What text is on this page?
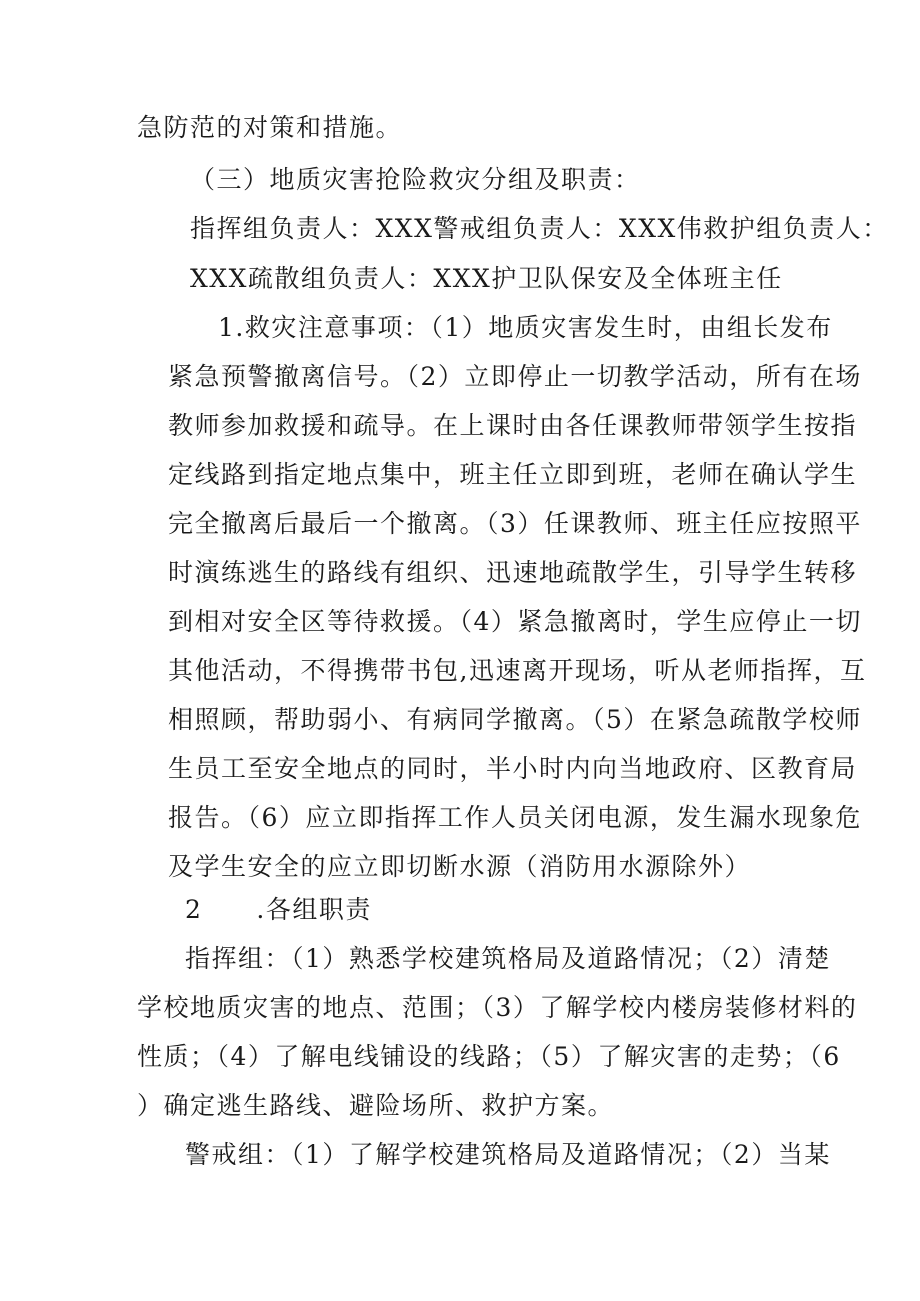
急防范的对策和措施。

（三）地质灾害抢险救灾分组及职责：

指挥组负责人：XXX警戒组负责人：XXX伟救护组负责人：

XXX疏散组负责人：XXX护卫队保安及全体班主任

1.救灾注意事项：（1）地质灾害发生时，由组长发布

紧急预警撤离信号。（2）立即停止一切教学活动，所有在场

教师参加救援和疏导。在上课时由各任课教师带领学生按指

定线路到指定地点集中，班主任立即到班，老师在确认学生

完全撤离后最后一个撤离。（3）任课教师、班主任应按照平

时演练逃生的路线有组织、迅速地疏散学生，引导学生转移

到相对安全区等待救援。（4）紧急撤离时，学生应停止一切

其他活动，不得携带书包,迅速离开现场，听从老师指挥，互

相照顾，帮助弱小、有病同学撤离。（5）在紧急疏散学校师

生员工至安全地点的同时，半小时内向当地政府、区教育局

报告。（6）应立即指挥工作人员关闭电源，发生漏水现象危

及学生安全的应立即切断水源（消防用水源除外）

2 .各组职责

指挥组：（1）熟悉学校建筑格局及道路情况；（2）清楚

学校地质灾害的地点、范围；（3）了解学校内楼房装修材料的

性质；（4）了解电线铺设的线路；（5）了解灾害的走势；（6

）确定逃生路线、避险场所、救护方案。

警戒组：（1）了解学校建筑格局及道路情况；（2）当某
